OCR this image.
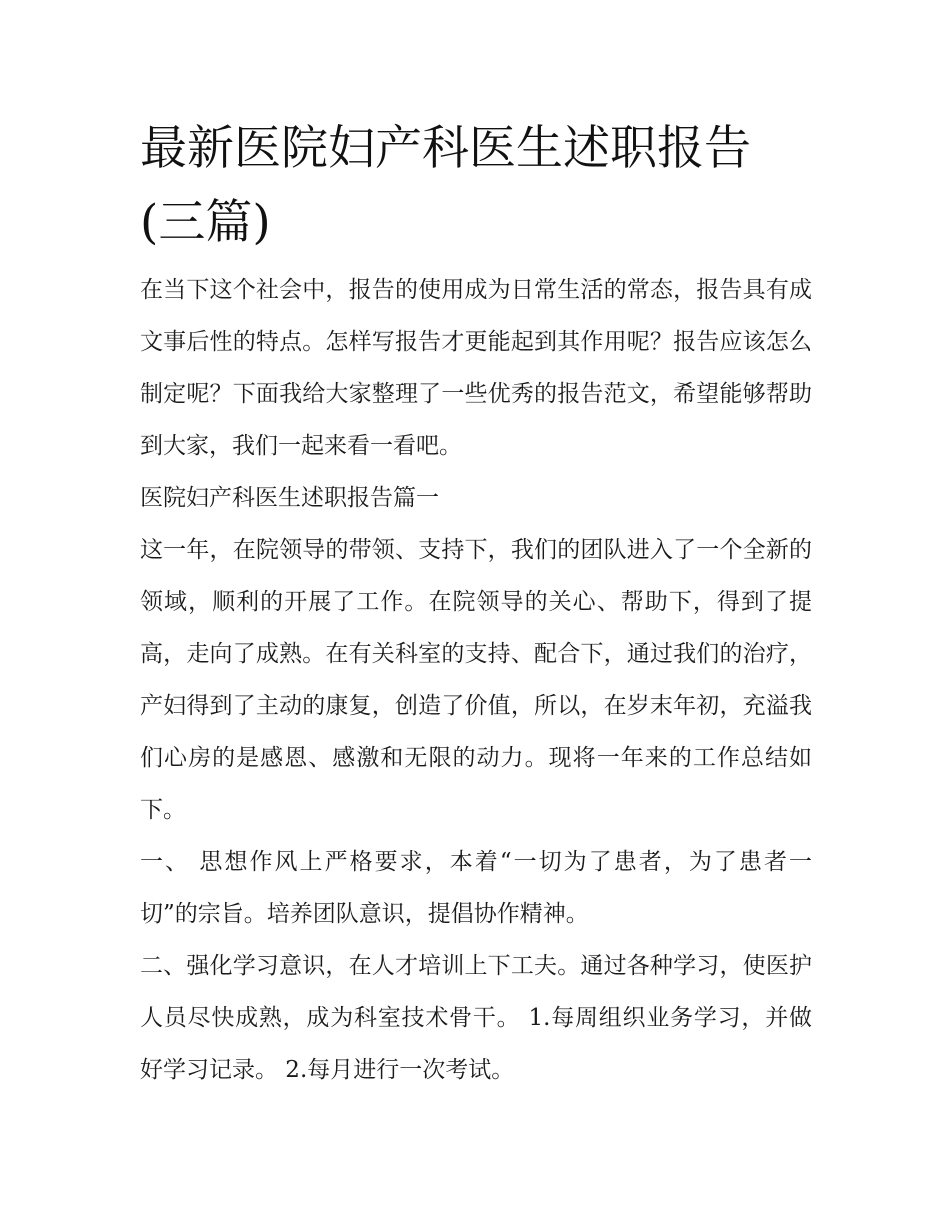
最新医院妇产科医生述职报告(三篇)

在当下这个社会中，报告的使用成为日常生活的常态，报告具有成文事后性的特点。怎样写报告才更能起到其作用呢？报告应该怎么制定呢？下面我给大家整理了一些优秀的报告范文，希望能够帮助到大家，我们一起来看一看吧。

医院妇产科医生述职报告篇一

这一年，在院领导的带领、支持下，我们的团队进入了一个全新的领域，顺利的开展了工作。在院领导的关心、帮助下，得到了提高，走向了成熟。在有关科室的支持、配合下，通过我们的治疗，产妇得到了主动的康复，创造了价值，所以，在岁末年初，充溢我们心房的是感恩、感激和无限的动力。现将一年来的工作总结如下。

一、 思想作风上严格要求，本着“一切为了患者，为了患者一切”的宗旨。培养团队意识，提倡协作精神。

二、强化学习意识，在人才培训上下工夫。通过各种学习，使医护人员尽快成熟，成为科室技术骨干。 1.每周组织业务学习，并做好学习记录。 2.每月进行一次考试。
